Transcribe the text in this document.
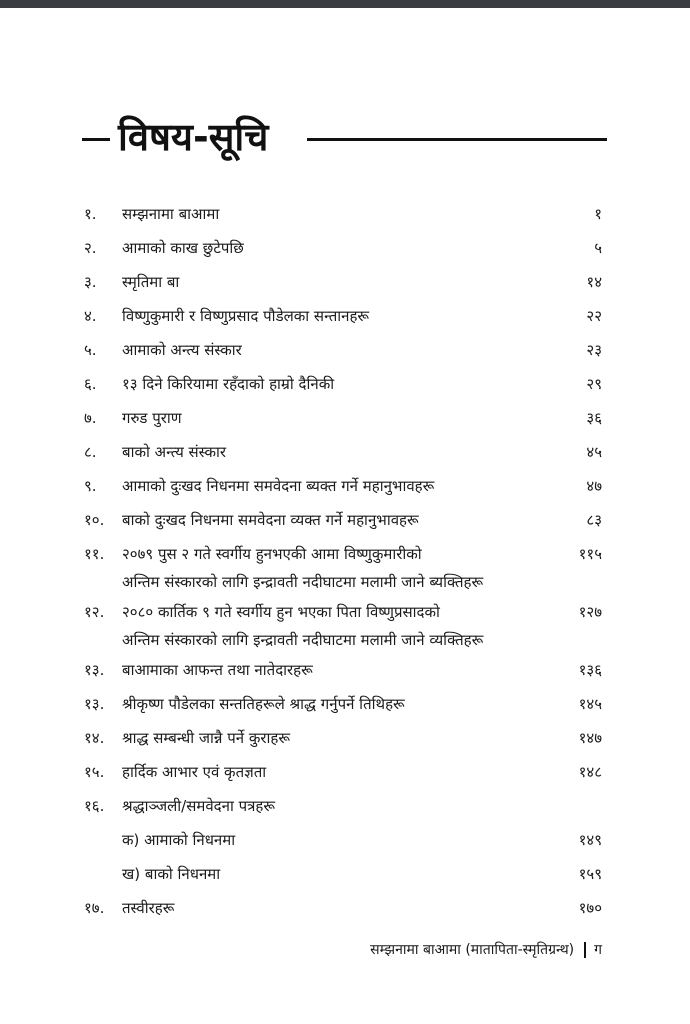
विषय-सूचि
१. सम्झनामा बाआमा	१
२. आमाको काख छुटेपछि	५
३. स्मृतिमा बा	१४
४. विष्णुकुमारी र विष्णुप्रसाद पौडेलका सन्तानहरू	२२
५. आमाको अन्त्य संस्कार	२३
६. १३ दिने किरियामा रहँदाको हाम्रो दैनिकी	२९
७. गरुड पुराण	३६
८. बाको अन्त्य संस्कार	४५
९. आमाको दुःखद निधनमा समवेदना ब्यक्त गर्ने महानुभावहरू	४७
१०. बाको दुःखद निधनमा समवेदना व्यक्त गर्ने महानुभावहरू	८३
११. २०७९ पुस २ गते स्वर्गीय हुनभएकी आमा विष्णुकुमारीको
अन्तिम संस्कारको लागि इन्द्रावती नदीघाटमा मलामी जाने ब्यक्तिहरू
११५
१२. २०८० कार्तिक ९ गते स्वर्गीय हुन भएका पिता विष्णुप्रसादको
अन्तिम संस्कारको लागि इन्द्रावती नदीघाटमा मलामी जाने व्यक्तिहरू
१२७
१३. बाआमाका आफन्त तथा नातेदारहरू	१३६
१३. श्रीकृष्ण पौडेलका सन्ततिहरूले श्राद्ध गर्नुपर्ने तिथिहरू	१४५
१४. श्राद्ध सम्बन्धी जान्नै पर्ने कुराहरू	१४७
१५. हार्दिक आभार एवं कृतज्ञता	१४८
१६. श्रद्धाञ्जली/समवेदना पत्रहरू
क) आमाको निधनमा	१४९
ख) बाको निधनमा	१५९
१७. तस्वीरहरू	१७०
सम्झनामा बाआमा (मातापिता-स्मृतिग्रन्थ) ग
